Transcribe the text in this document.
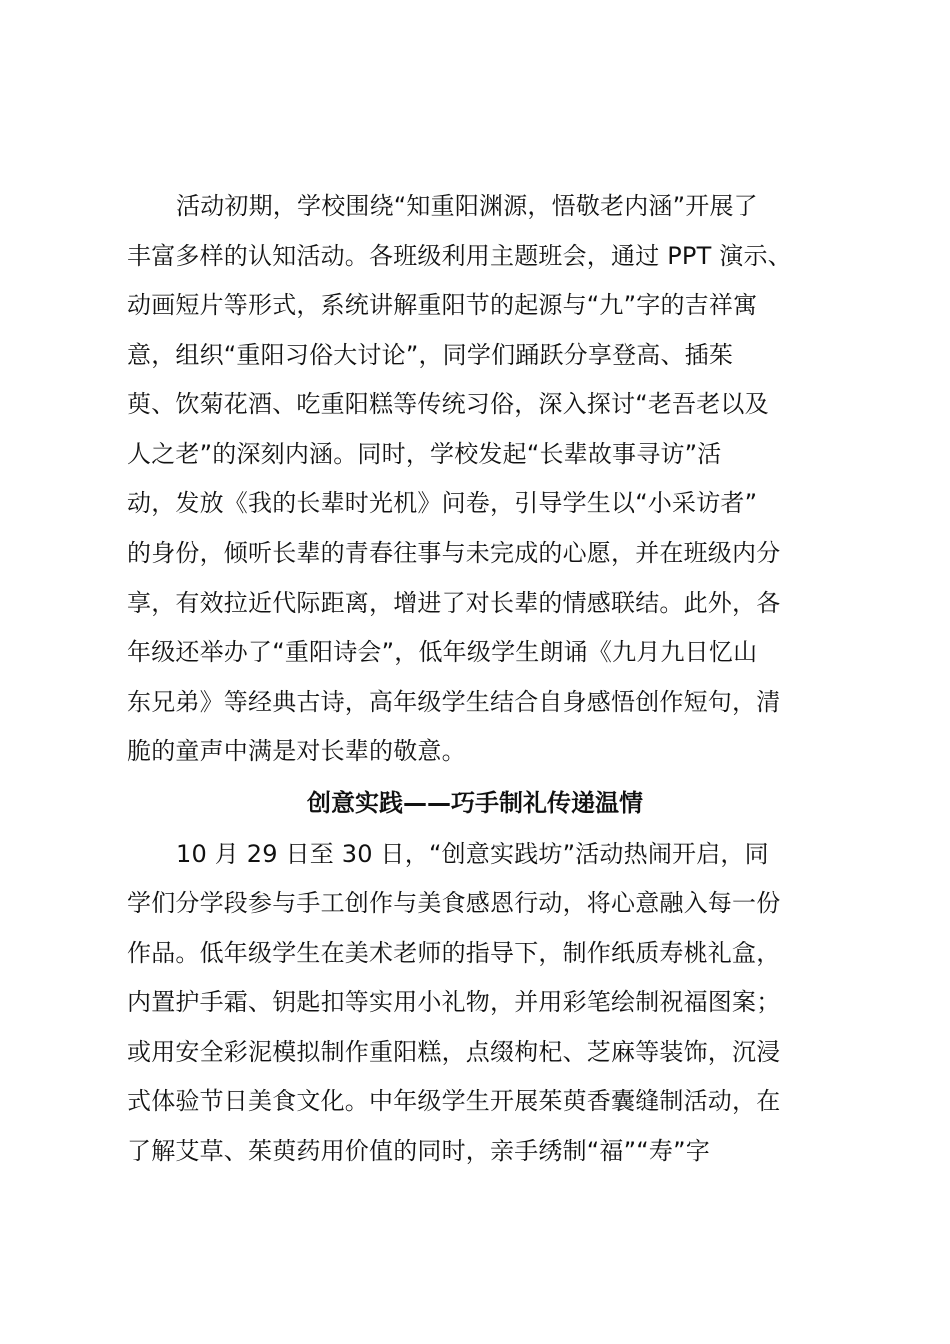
活动初期，学校围绕“知重阳渊源，悟敬老内涵”开展了
丰富多样的认知活动。各班级利用主题班会，通过 PPT 演示、
动画短片等形式，系统讲解重阳节的起源与“九”字的吉祥寓
意，组织“重阳习俗大讨论”，同学们踊跃分享登高、插茱
萸、饮菊花酒、吃重阳糕等传统习俗，深入探讨“老吾老以及
人之老”的深刻内涵。同时，学校发起“长辈故事寻访”活
动，发放《我的长辈时光机》问卷，引导学生以“小采访者”
的身份，倾听长辈的青春往事与未完成的心愿，并在班级内分
享，有效拉近代际距离，增进了对长辈的情感联结。此外，各
年级还举办了“重阳诗会”，低年级学生朗诵《九月九日忆山
东兄弟》等经典古诗，高年级学生结合自身感悟创作短句，清
脆的童声中满是对长辈的敬意。
创意实践——巧手制礼传递温情
10 月 29 日至 30 日，“创意实践坊”活动热闹开启，同
学们分学段参与手工创作与美食感恩行动，将心意融入每一份
作品。低年级学生在美术老师的指导下，制作纸质寿桃礼盒，
内置护手霜、钥匙扣等实用小礼物，并用彩笔绘制祝福图案；
或用安全彩泥模拟制作重阳糕，点缀枸杞、芝麻等装饰，沉浸
式体验节日美食文化。中年级学生开展茱萸香囊缝制活动，在
了解艾草、茱萸药用价值的同时，亲手绣制“福”“寿”字
